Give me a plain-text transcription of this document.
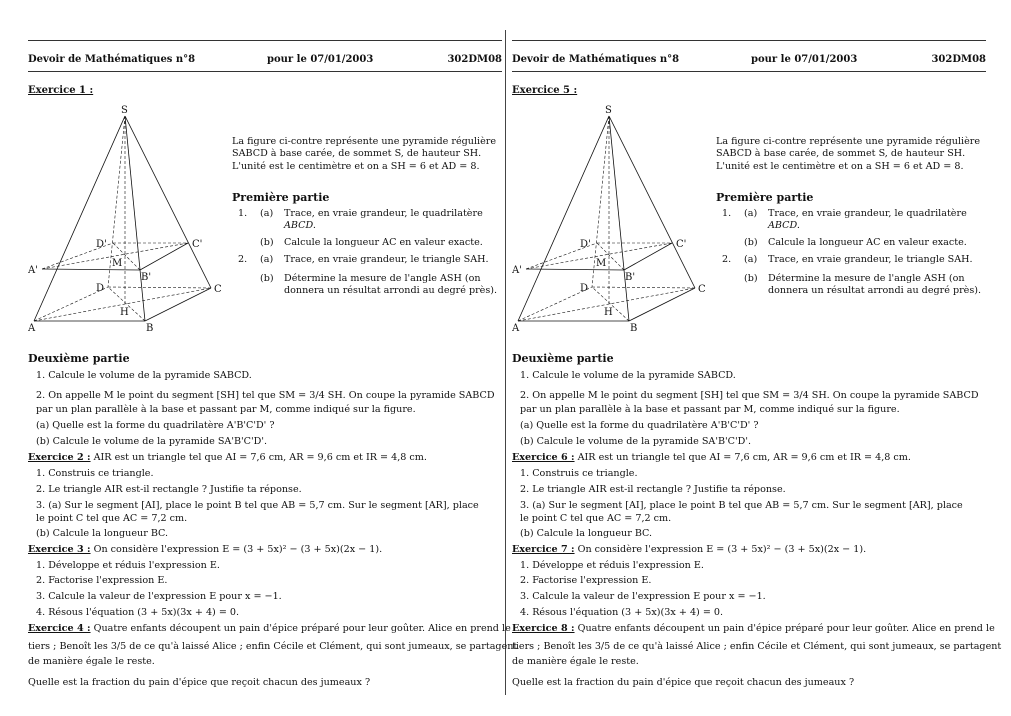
Devoir de Mathématiques n°8	pour le 07/01/2003	302DM08
Exercice 1 :
S
A	B
C
D
H
M
A'
B'
C'
D'

La figure ci-contre représente une pyramide régulière

SABCD à base carée, de sommet S, de hauteur SH.

L'unité est le centimètre et on a SH = 6 et AD = 8.

Première partie

1. (a) Trace, en vraie grandeur, le quadrilatère
ABCD.
(b) Calcule la longueur AC en valeur exacte.
2. (a) Trace, en vraie grandeur, le triangle SAH.
(b) Détermine la mesure de l'angle ASH (on
donnera un résultat arrondi au degré près).

Deuxième partie

1. Calcule le volume de la pyramide SABCD.
2. On appelle M le point du segment [SH] tel que SM = 3/4 SH. On coupe la pyramide SABCD
par un plan parallèle à la base et passant par M, comme indiqué sur la figure.
(a) Quelle est la forme du quadrilatère A'B'C'D' ?
(b) Calcule le volume de la pyramide SA'B'C'D'.
Exercice 2 : AIR est un triangle tel que AI = 7,6 cm, AR = 9,6 cm et IR = 4,8 cm.
1. Construis ce triangle.
2. Le triangle AIR est-il rectangle ? Justifie ta réponse.
3. (a) Sur le segment [AI], place le point B tel que AB = 5,7 cm. Sur le segment [AR], place
le point C tel que AC = 7,2 cm.
(b) Calcule la longueur BC.
Exercice 3 : On considère l'expression E = (3 + 5x)² − (3 + 5x)(2x − 1).
1. Développe et réduis l'expression E.
2. Factorise l'expression E.
3. Calcule la valeur de l'expression E pour x = −1.
4. Résous l'équation (3 + 5x)(3x + 4) = 0.
Exercice 4 : Quatre enfants découpent un pain d'épice préparé pour leur goûter. Alice en prend le
tiers ; Benoît les 3/5 de ce qu'à laissé Alice ; enfin Cécile et Clément, qui sont jumeaux, se partagent
de manière égale le reste.
Quelle est la fraction du pain d'épice que reçoit chacun des jumeaux ?
Devoir de Mathématiques n°8	pour le 07/01/2003	302DM08
Exercice 5 :
S
A	B
C
D
H
M
A'
B'
C'
D'

La figure ci-contre représente une pyramide régulière

SABCD à base carée, de sommet S, de hauteur SH.

L'unité est le centimètre et on a SH = 6 et AD = 8.

Première partie

1. (a) Trace, en vraie grandeur, le quadrilatère
ABCD.
(b) Calcule la longueur AC en valeur exacte.
2. (a) Trace, en vraie grandeur, le triangle SAH.
(b) Détermine la mesure de l'angle ASH (on
donnera un résultat arrondi au degré près).

Deuxième partie

1. Calcule le volume de la pyramide SABCD.
2. On appelle M le point du segment [SH] tel que SM = 3/4 SH. On coupe la pyramide SABCD
par un plan parallèle à la base et passant par M, comme indiqué sur la figure.
(a) Quelle est la forme du quadrilatère A'B'C'D' ?
(b) Calcule le volume de la pyramide SA'B'C'D'.
Exercice 6 : AIR est un triangle tel que AI = 7,6 cm, AR = 9,6 cm et IR = 4,8 cm.
1. Construis ce triangle.
2. Le triangle AIR est-il rectangle ? Justifie ta réponse.
3. (a) Sur le segment [AI], place le point B tel que AB = 5,7 cm. Sur le segment [AR], place
le point C tel que AC = 7,2 cm.
(b) Calcule la longueur BC.
Exercice 7 : On considère l'expression E = (3 + 5x)² − (3 + 5x)(2x − 1).
1. Développe et réduis l'expression E.
2. Factorise l'expression E.
3. Calcule la valeur de l'expression E pour x = −1.
4. Résous l'équation (3 + 5x)(3x + 4) = 0.
Exercice 8 : Quatre enfants découpent un pain d'épice préparé pour leur goûter. Alice en prend le
tiers ; Benoît les 3/5 de ce qu'à laissé Alice ; enfin Cécile et Clément, qui sont jumeaux, se partagent
de manière égale le reste.
Quelle est la fraction du pain d'épice que reçoit chacun des jumeaux ?
